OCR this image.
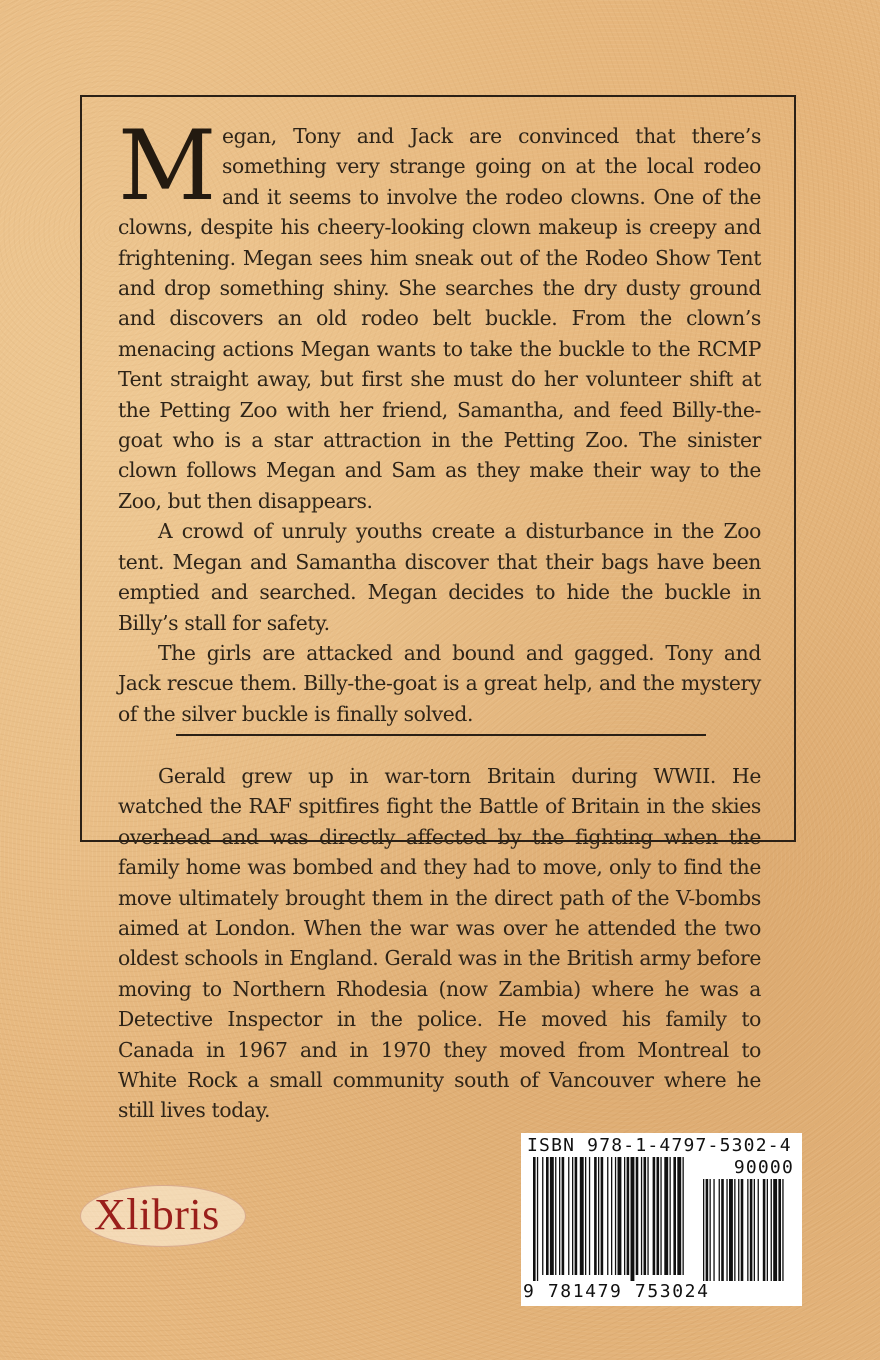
Megan, Tony and Jack are convinced that there’s something very strange going on at the local rodeo and it seems to involve the rodeo clowns. One of the clowns, despite his cheery-looking clown makeup is creepy and frightening. Megan sees him sneak out of the Rodeo Show Tent and drop something shiny. She searches the dry dusty ground and discovers an old rodeo belt buckle. From the clown’s menacing actions Megan wants to take the buckle to the RCMP Tent straight away, but first she must do her volunteer shift at the Petting Zoo with her friend, Samantha, and feed Billy-the-goat who is a star attraction in the Petting Zoo. The sinister clown follows Megan and Sam as they make their way to the Zoo, but then disappears.

A crowd of unruly youths create a disturbance in the Zoo tent. Megan and Samantha discover that their bags have been emptied and searched. Megan decides to hide the buckle in Billy’s stall for safety.

The girls are attacked and bound and gagged. Tony and Jack rescue them. Billy-the-goat is a great help, and the mystery of the silver buckle is finally solved.

Gerald grew up in war-torn Britain during WWII. He watched the RAF spitfires fight the Battle of Britain in the skies overhead and was directly affected by the fighting when the family home was bombed and they had to move, only to find the move ultimately brought them in the direct path of the V-bombs aimed at London. When the war was over he attended the two oldest schools in England. Gerald was in the British army before moving to Northern Rhodesia (now Zambia) where he was a Detective Inspector in the police. He moved his family to Canada in 1967 and in 1970 they moved from Montreal to White Rock a small community south of Vancouver where he still lives today.

Xlibris
ISBN 978-1-4797-5302-4
90000
9 781479 753024
